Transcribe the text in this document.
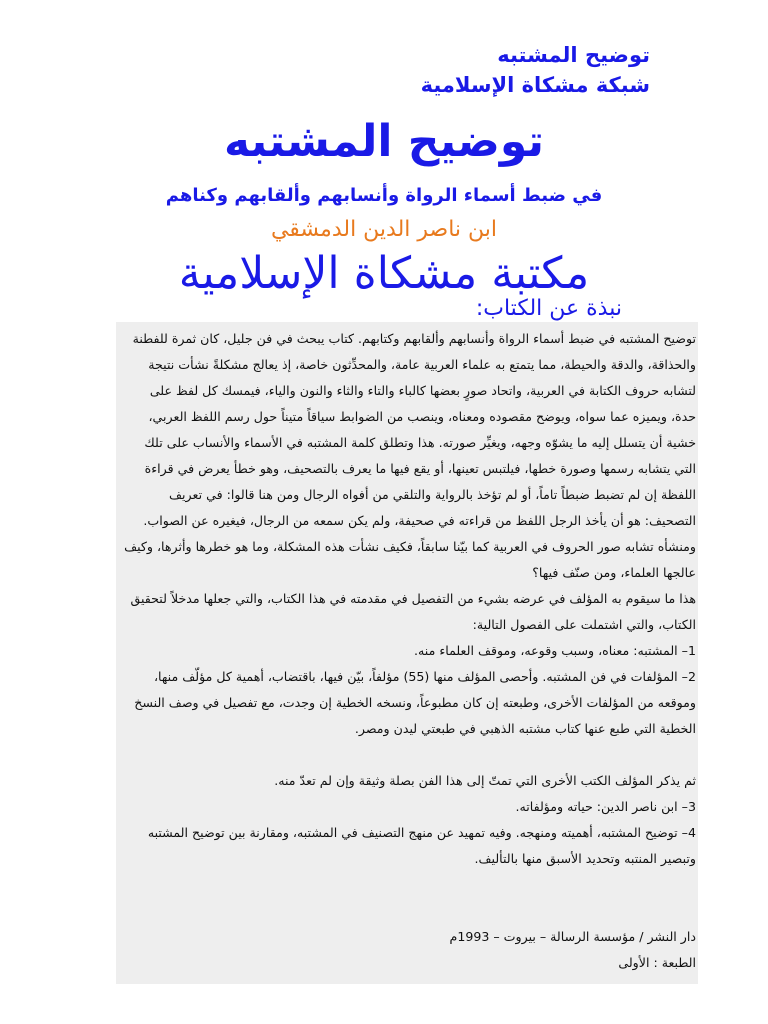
توضيح المشتبه
شبكة مشكاة الإسلامية
توضيح المشتبه
في ضبط أسماء الرواة وأنسابهم وألقابهم وكناهم
ابن ناصر الدين الدمشقي
مكتبة مشكاة الإسلامية
نبذة عن الكتاب:

توضيح المشتبه في ضبط أسماء الرواة وأنسابهم وألقابهم وكتابهم. كتاب يبحث في فن جليل، كان ثمرة للفطنة والحذاقة، والدقة والحيطة، مما يتمتع به علماء العربية عامة، والمحدِّثون خاصة، إذ يعالج مشكلةً نشأت نتيجة لتشابه حروف الكتابة في العربية، واتحاد صورٍ بعضها كالباء والتاء والثاء والنون والياء، فيمسك كل لفظ على حدة، ويميزه عما سواه، ويوضح مقصوده ومعناه، وينصب من الضوابط سياقاً متيناً حول رسم اللفظ العربي، خشية أن يتسلل إليه ما يشوّه وجهه، ويغيِّر صورته. هذا وتطلق كلمة المشتبه في الأسماء والأنساب على تلك التي يتشابه رسمها وصورة خطها، فيلتبس تعينها، أو يقع فيها ما يعرف بالتصحيف، وهو خطأ يعرض في قراءة اللفظة إن لم تضبط ضبطاً تاماً، أو لم تؤخذ بالرواية والتلقي من أفواه الرجال ومن هنا قالوا: في تعريف التصحيف: هو أن يأخذ الرجل اللفظ من قراءته في صحيفة، ولم يكن سمعه من الرجال، فيغيره عن الصواب. ومنشأه تشابه صور الحروف في العربية كما بيّنا سابقاً، فكيف نشأت هذه المشكلة، وما هو خطرها وأثرها، وكيف عالجها العلماء، ومن صنّف فيها؟

هذا ما سيقوم به المؤلف في عرضه بشيء من التفصيل في مقدمته في هذا الكتاب، والتي جعلها مدخلاً لتحقيق الكتاب، والتي اشتملت على الفصول التالية:

1– المشتبه: معناه، وسبب وقوعه، وموقف العلماء منه.

2– المؤلفات في فن المشتبه. وأحصى المؤلف منها (55) مؤلفاً، بيّن فيها، باقتضاب، أهمية كل مؤلّف منها، وموقعه من المؤلفات الأخرى، وطبعته إن كان مطبوعاً، ونسخه الخطية إن وجدت، مع تفصيل في وصف النسخ الخطية التي طبع عنها كتاب مشتبه الذهبي في طبعتي ليدن ومصر.

ثم يذكر المؤلف الكتب الأخرى التي تمتّ إلى هذا الفن بصلة وثيقة وإن لم تعدّ منه.

3– ابن ناصر الدين: حياته ومؤلفاته.

4– توضيح المشتبه، أهميته ومنهجه. وفيه تمهيد عن منهج التصنيف في المشتبه، ومقارنة بين توضيح المشتبه وتبصير المنتبه وتحديد الأسبق منها بالتأليف.

دار النشر / مؤسسة الرسالة – بيروت – 1993م

الطبعة : الأولى
